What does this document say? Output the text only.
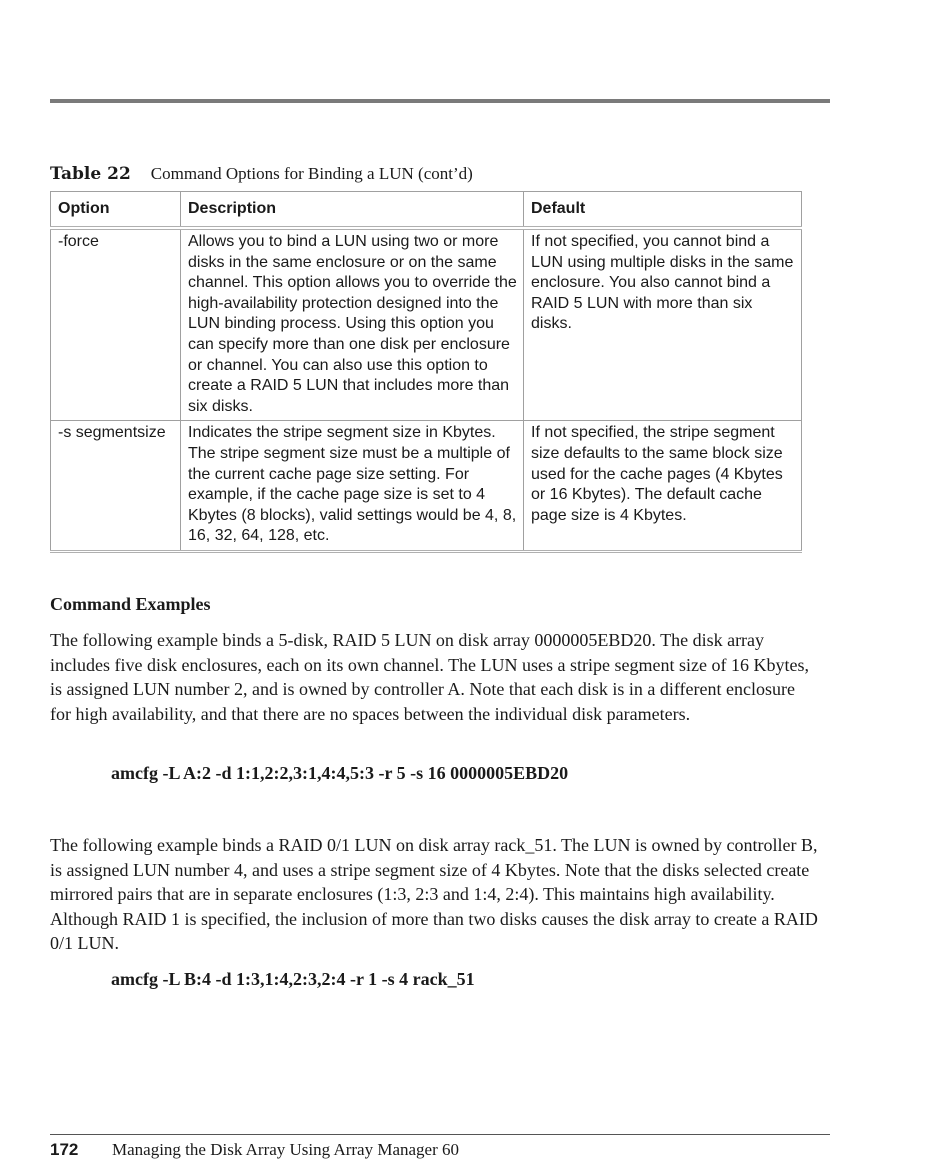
Table 22 Command Options for Binding a LUN (cont’d)
Option	Description	Default
-force	Allows you to bind a LUN using two or more disks in the same enclosure or on the same channel. This option allows you to override the high-availability protection designed into the LUN binding process. Using this option you can specify more than one disk per enclosure or channel. You can also use this option to create a RAID 5 LUN that includes more than six disks.	If not specified, you cannot bind a LUN using multiple disks in the same enclosure. You also cannot bind a RAID 5 LUN with more than six disks.
-s segmentsize	Indicates the stripe segment size in Kbytes. The stripe segment size must be a multiple of the current cache page size setting. For example, if the cache page size is set to 4 Kbytes (8 blocks), valid settings would be 4, 8, 16, 32, 64, 128, etc.	If not specified, the stripe segment size defaults to the same block size used for the cache pages (4 Kbytes or 16 Kbytes). The default cache page size is 4 Kbytes.
Command Examples
The following example binds a 5-disk, RAID 5 LUN on disk array 0000005EBD20. The disk array includes five disk enclosures, each on its own channel. The LUN uses a stripe segment size of 16 Kbytes, is assigned LUN number 2, and is owned by controller A. Note that each disk is in a different enclosure for high availability, and that there are no spaces between the individual disk parameters.
amcfg -L A:2 -d 1:1,2:2,3:1,4:4,5:3 -r 5 -s 16 0000005EBD20
The following example binds a RAID 0/1 LUN on disk array rack_51. The LUN is owned by controller B, is assigned LUN number 4, and uses a stripe segment size of 4 Kbytes. Note that the disks selected create mirrored pairs that are in separate enclosures (1:3, 2:3 and 1:4, 2:4). This maintains high availability. Although RAID 1 is specified, the inclusion of more than two disks causes the disk array to create a RAID 0/1 LUN.
amcfg -L B:4 -d 1:3,1:4,2:3,2:4 -r 1 -s 4 rack_51
172 Managing the Disk Array Using Array Manager 60
